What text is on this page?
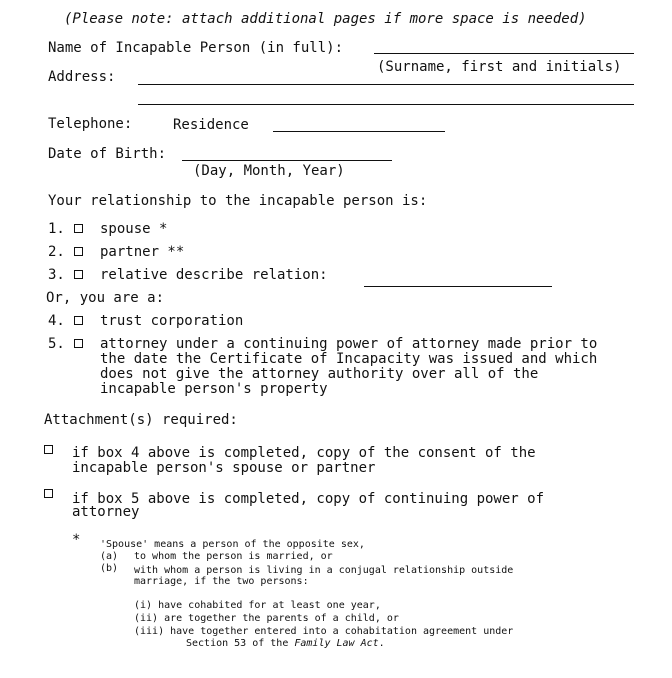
(Please note: attach additional pages if more space is needed)
Name of Incapable Person (in full):
(Surname, first and initials)
Address:
Telephone:	Residence
Date of Birth:
(Day, Month, Year)
Your relationship to the incapable person is:
1.	spouse *
2.	partner **
3.	relative describe relation:
Or, you are a:
4.	trust corporation
5.	attorney under a continuing power of attorney made prior to
the date the Certificate of Incapacity was issued and which
does not give the attorney authority over all of the
incapable person's property
Attachment(s) required:
if box 4 above is completed, copy of the consent of the
incapable person's spouse or partner
if box 5 above is completed, copy of continuing power of
attorney
* 'Spouse' means a person of the opposite sex,
(a) to whom the person is married, or
(b) with whom a person is living in a conjugal relationship outside
marriage, if the two persons:
(i) have cohabited for at least one year,
(ii) are together the parents of a child, or
(iii) have together entered into a cohabitation agreement under
Section 53 of the Family Law Act.
